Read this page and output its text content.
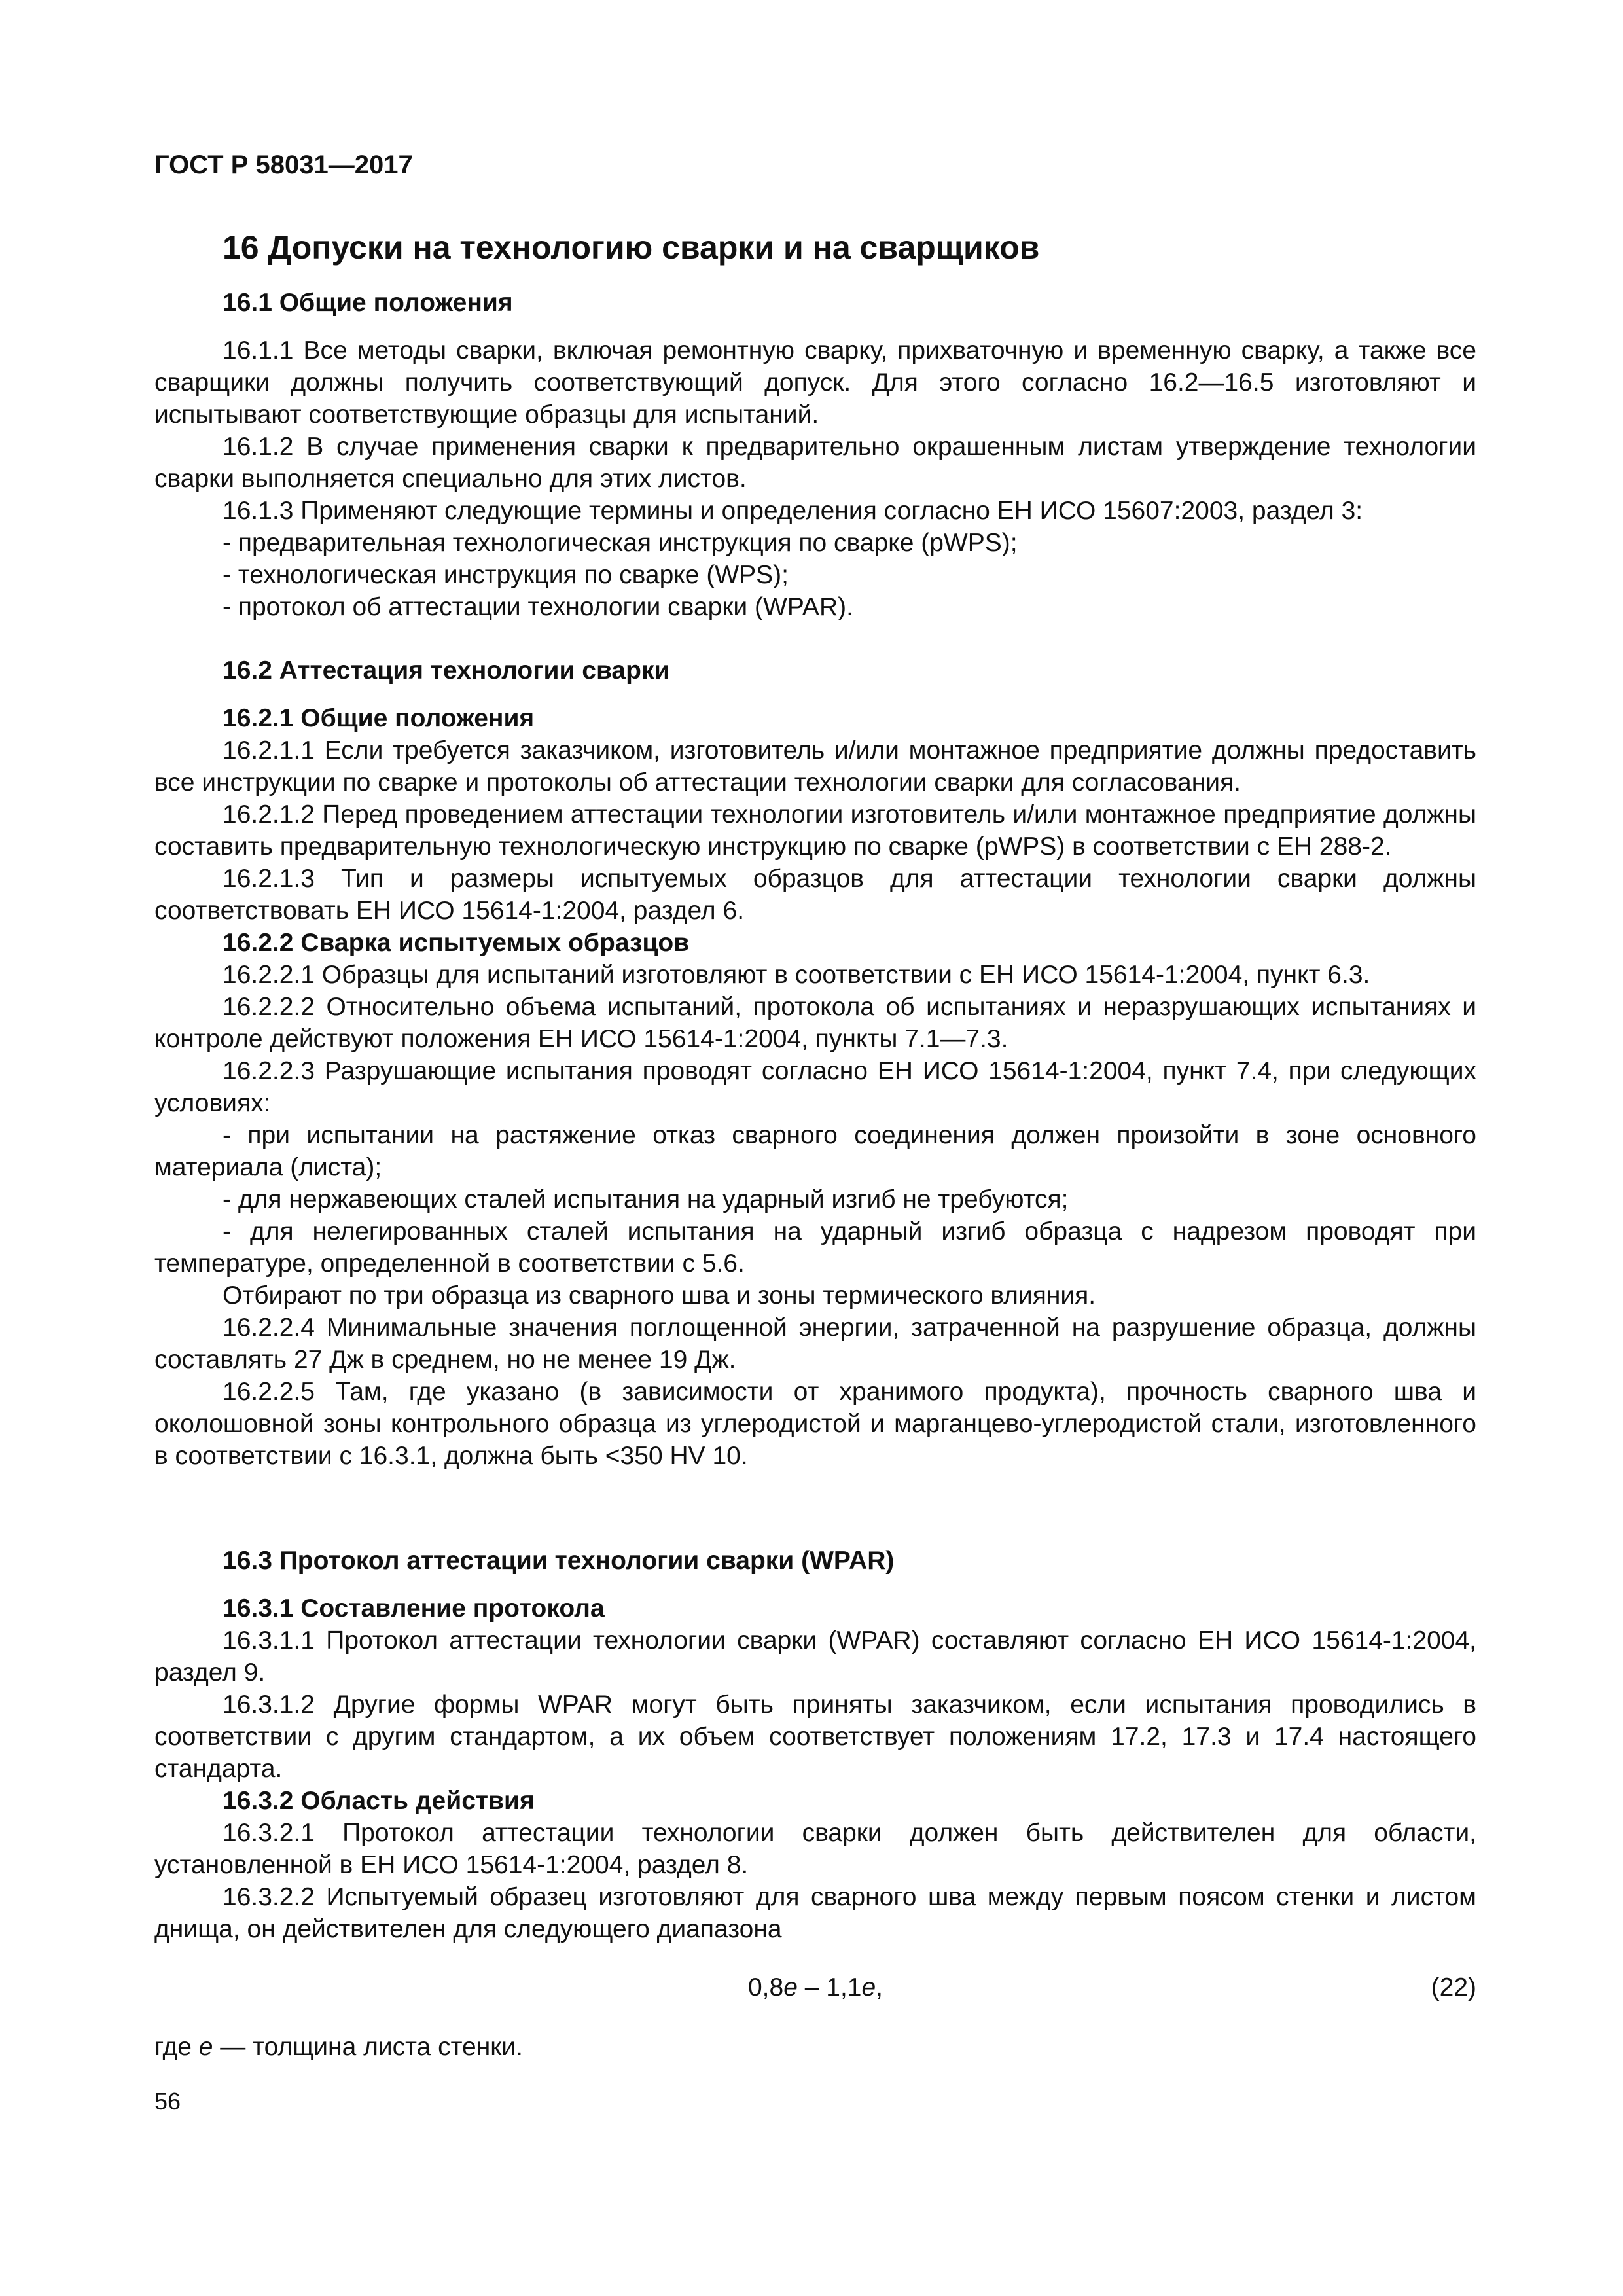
ГОСТ Р 58031—2017
16 Допуски на технологию сварки и на сварщиков
16.1 Общие положения

16.1.1 Все методы сварки, включая ремонтную сварку, прихваточную и временную сварку, а также все сварщики должны получить соответствующий допуск. Для этого согласно 16.2—16.5 изготовляют и испытывают соответствующие образцы для испытаний.

16.1.2 В случае применения сварки к предварительно окрашенным листам утверждение технологии сварки выполняется специально для этих листов.

16.1.3 Применяют следующие термины и определения согласно ЕН ИСО 15607:2003, раздел 3:

- предварительная технологическая инструкция по сварке (pWPS);

- технологическая инструкция по сварке (WPS);

- протокол об аттестации технологии сварки (WPAR).

16.2 Аттестация технологии сварки
16.2.1 Общие положения

16.2.1.1 Если требуется заказчиком, изготовитель и/или монтажное предприятие должны предоставить все инструкции по сварке и протоколы об аттестации технологии сварки для согласования.

16.2.1.2 Перед проведением аттестации технологии изготовитель и/или монтажное предприятие должны составить предварительную технологическую инструкцию по сварке (pWPS) в соответствии с ЕН 288-2.

16.2.1.3 Тип и размеры испытуемых образцов для аттестации технологии сварки должны соответствовать ЕН ИСО 15614-1:2004, раздел 6.

16.2.2 Сварка испытуемых образцов

16.2.2.1 Образцы для испытаний изготовляют в соответствии с ЕН ИСО 15614-1:2004, пункт 6.3.

16.2.2.2 Относительно объема испытаний, протокола об испытаниях и неразрушающих испытаниях и контроле действуют положения ЕН ИСО 15614-1:2004, пункты 7.1—7.3.

16.2.2.3 Разрушающие испытания проводят согласно ЕН ИСО 15614-1:2004, пункт 7.4, при следующих условиях:

- при испытании на растяжение отказ сварного соединения должен произойти в зоне основного материала (листа);

- для нержавеющих сталей испытания на ударный изгиб не требуются;

- для нелегированных сталей испытания на ударный изгиб образца с надрезом проводят при температуре, определенной в соответствии с 5.6.

Отбирают по три образца из сварного шва и зоны термического влияния.

16.2.2.4 Минимальные значения поглощенной энергии, затраченной на разрушение образца, должны составлять 27 Дж в среднем, но не менее 19 Дж.

16.2.2.5 Там, где указано (в зависимости от хранимого продукта), прочность сварного шва и околошовной зоны контрольного образца из углеродистой и марганцево-углеродистой стали, изготовленного в соответствии с 16.3.1, должна быть <350 HV 10.

16.3 Протокол аттестации технологии сварки (WPAR)
16.3.1 Составление протокола

16.3.1.1 Протокол аттестации технологии сварки (WPAR) составляют согласно ЕН ИСО 15614-1:2004, раздел 9.

16.3.1.2 Другие формы WPAR могут быть приняты заказчиком, если испытания проводились в соответствии с другим стандартом, а их объем соответствует положениям 17.2, 17.3 и 17.4 настоящего стандарта.

16.3.2 Область действия

16.3.2.1 Протокол аттестации технологии сварки должен быть действителен для области, установленной в ЕН ИСО 15614-1:2004, раздел 8.

16.3.2.2 Испытуемый образец изготовляют для сварного шва между первым поясом стенки и листом днища, он действителен для следующего диапазона

0,8e – 1,1e,	(22)

где e — толщина листа стенки.

56
